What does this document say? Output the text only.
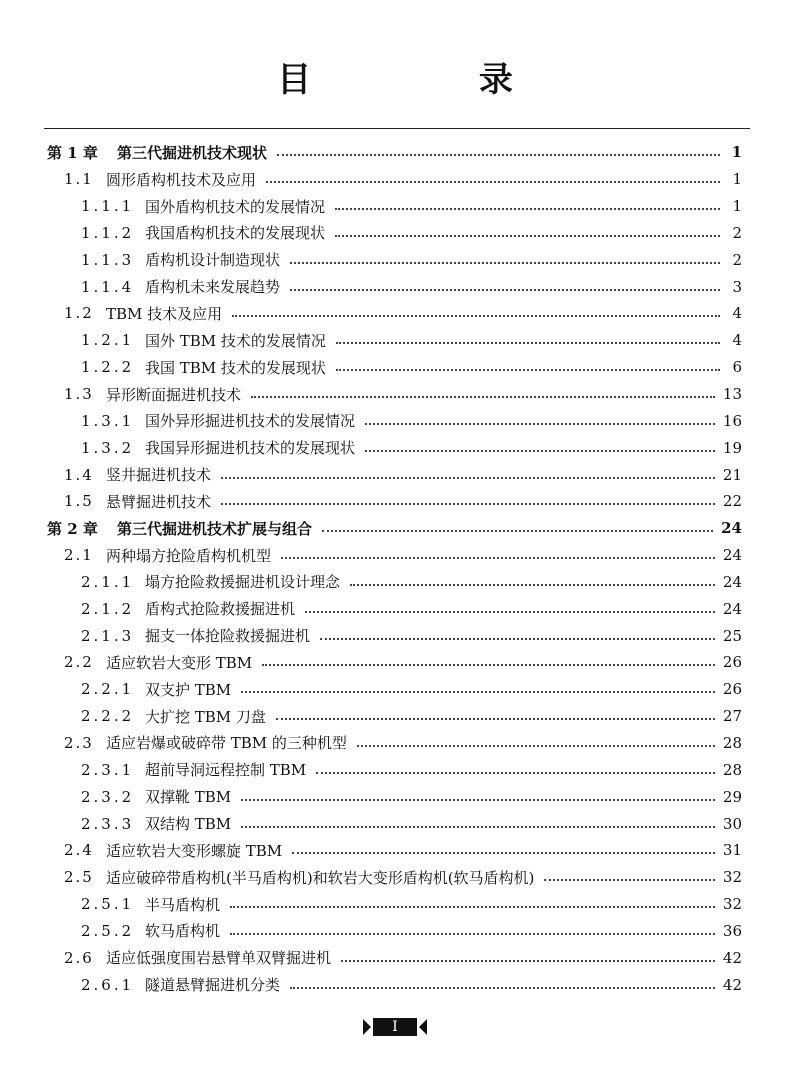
目 录
第 1 章	第三代掘进机技术现状	1
1.1 圆形盾构机技术及应用	1
1.1.1 国外盾构机技术的发展情况	1
1.1.2 我国盾构机技术的发展现状	2
1.1.3 盾构机设计制造现状	2
1.1.4 盾构机未来发展趋势	3
1.2 TBM 技术及应用	4
1.2.1 国外 TBM 技术的发展情况	4
1.2.2 我国 TBM 技术的发展现状	6
1.3 异形断面掘进机技术	13
1.3.1 国外异形掘进机技术的发展情况	16
1.3.2 我国异形掘进机技术的发展现状	19
1.4 竖井掘进机技术	21
1.5 悬臂掘进机技术	22
第 2 章	第三代掘进机技术扩展与组合	24
2.1 两种塌方抢险盾构机机型	24
2.1.1 塌方抢险救援掘进机设计理念	24
2.1.2 盾构式抢险救援掘进机	24
2.1.3 掘支一体抢险救援掘进机	25
2.2 适应软岩大变形 TBM	26
2.2.1 双支护 TBM	26
2.2.2 大扩挖 TBM 刀盘	27
2.3 适应岩爆或破碎带 TBM 的三种机型	28
2.3.1 超前导洞远程控制 TBM	28
2.3.2 双撑靴 TBM	29
2.3.3 双结构 TBM	30
2.4 适应软岩大变形螺旋 TBM	31
2.5 适应破碎带盾构机(半马盾构机)和软岩大变形盾构机(软马盾构机)	32
2.5.1 半马盾构机	32
2.5.2 软马盾构机	36
2.6 适应低强度围岩悬臂单双臂掘进机	42
2.6.1 隧道悬臂掘进机分类	42
I
